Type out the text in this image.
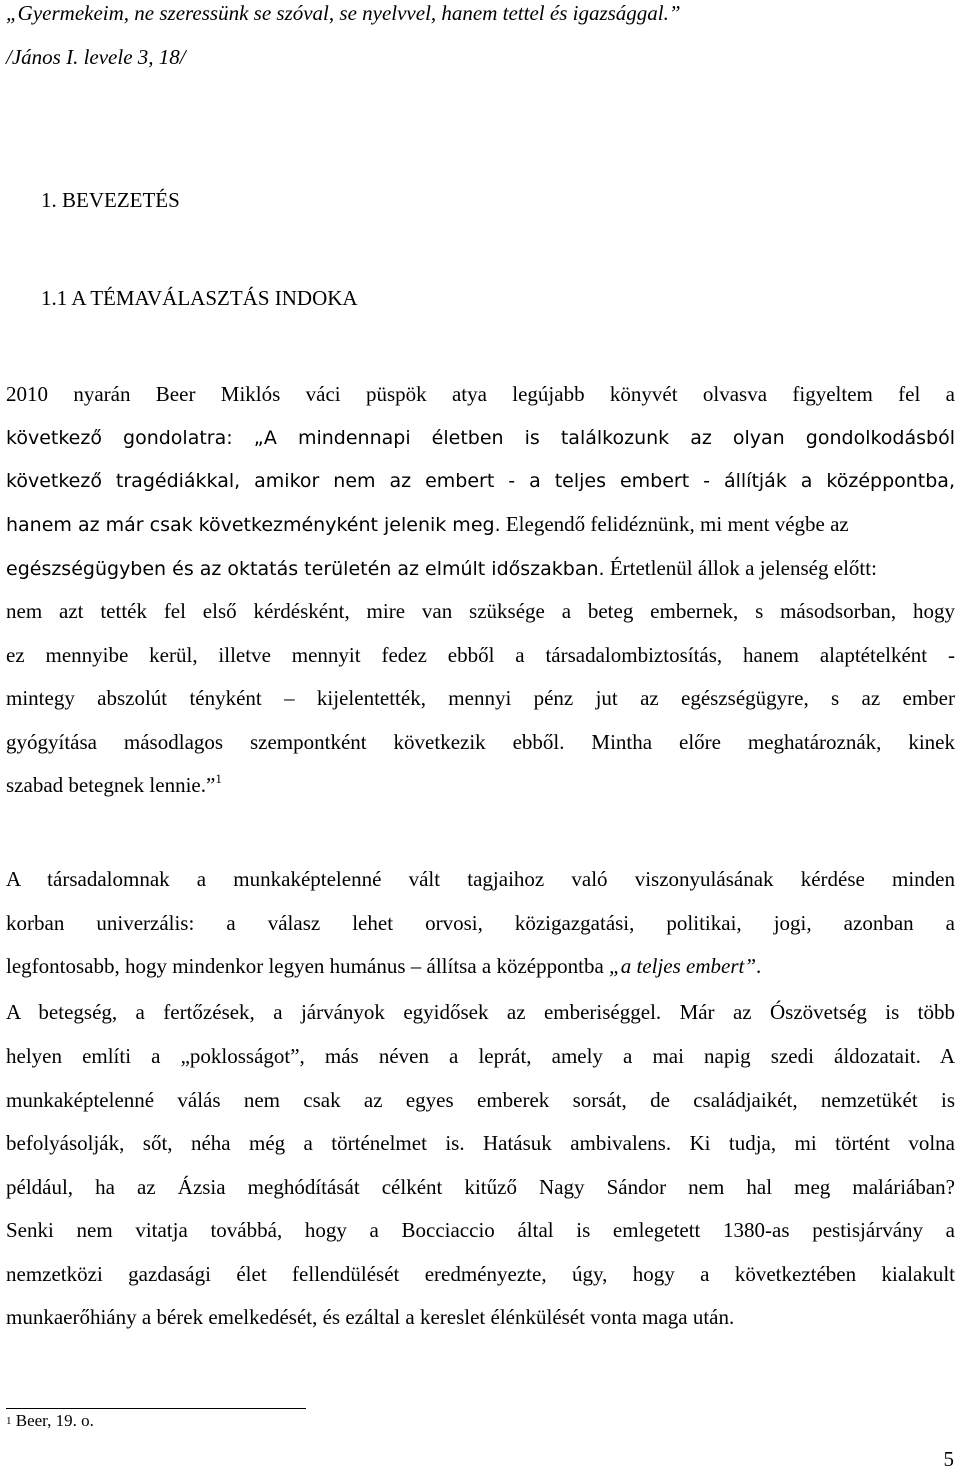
„Gyermekeim, ne szeressünk se szóval, se nyelvvel, hanem tettel és igazsággal.”
/János I. levele 3, 18/
1. BEVEZETÉS
1.1 A TÉMAVÁLASZTÁS INDOKA
2010 nyarán Beer Miklós váci püspök atya legújabb könyvét olvasva figyeltem fel a
következő gondolatra: „A mindennapi életben is találkozunk az olyan gondolkodásból
következő tragédiákkal, amikor nem az embert - a teljes embert - állítják a középpontba,
hanem az már csak következményként jelenik meg. Elegendő felidéznünk, mi ment végbe az
egészségügyben és az oktatás területén az elmúlt időszakban. Értetlenül állok a jelenség előtt:
nem azt tették fel első kérdésként, mire van szüksége a beteg embernek, s másodsorban, hogy
ez mennyibe kerül, illetve mennyit fedez ebből a társadalombiztosítás, hanem alaptételként -
mintegy abszolút tényként – kijelentették, mennyi pénz jut az egészségügyre, s az ember
gyógyítása másodlagos szempontként következik ebből. Mintha előre meghatároznák, kinek
szabad betegnek lennie.”$^1$
A társadalomnak a munkaképtelenné vált tagjaihoz való viszonyulásának kérdése minden
korban univerzális: a válasz lehet orvosi, közigazgatási, politikai, jogi, azonban a
legfontosabb, hogy mindenkor legyen humánus – állítsa a középpontba „a teljes embert”.
A betegség, a fertőzések, a járványok egyidősek az emberiséggel. Már az Ószövetség is több
helyen említi a „poklosságot”, más néven a leprát, amely a mai napig szedi áldozatait. A
munkaképtelenné válás nem csak az egyes emberek sorsát, de családjaikét, nemzetükét is
befolyásolják, sőt, néha még a történelmet is. Hatásuk ambivalens. Ki tudja, mi történt volna
például, ha az Ázsia meghódítását célként kitűző Nagy Sándor nem hal meg maláriában?
Senki nem vitatja továbbá, hogy a Bocciaccio által is emlegetett 1380-as pestisjárvány a
nemzetközi gazdasági élet fellendülését eredményezte, úgy, hogy a következtében kialakult
munkaerőhiány a bérek emelkedését, és ezáltal a kereslet élénkülését vonta maga után.
$^1$ Beer, 19. o.
5
